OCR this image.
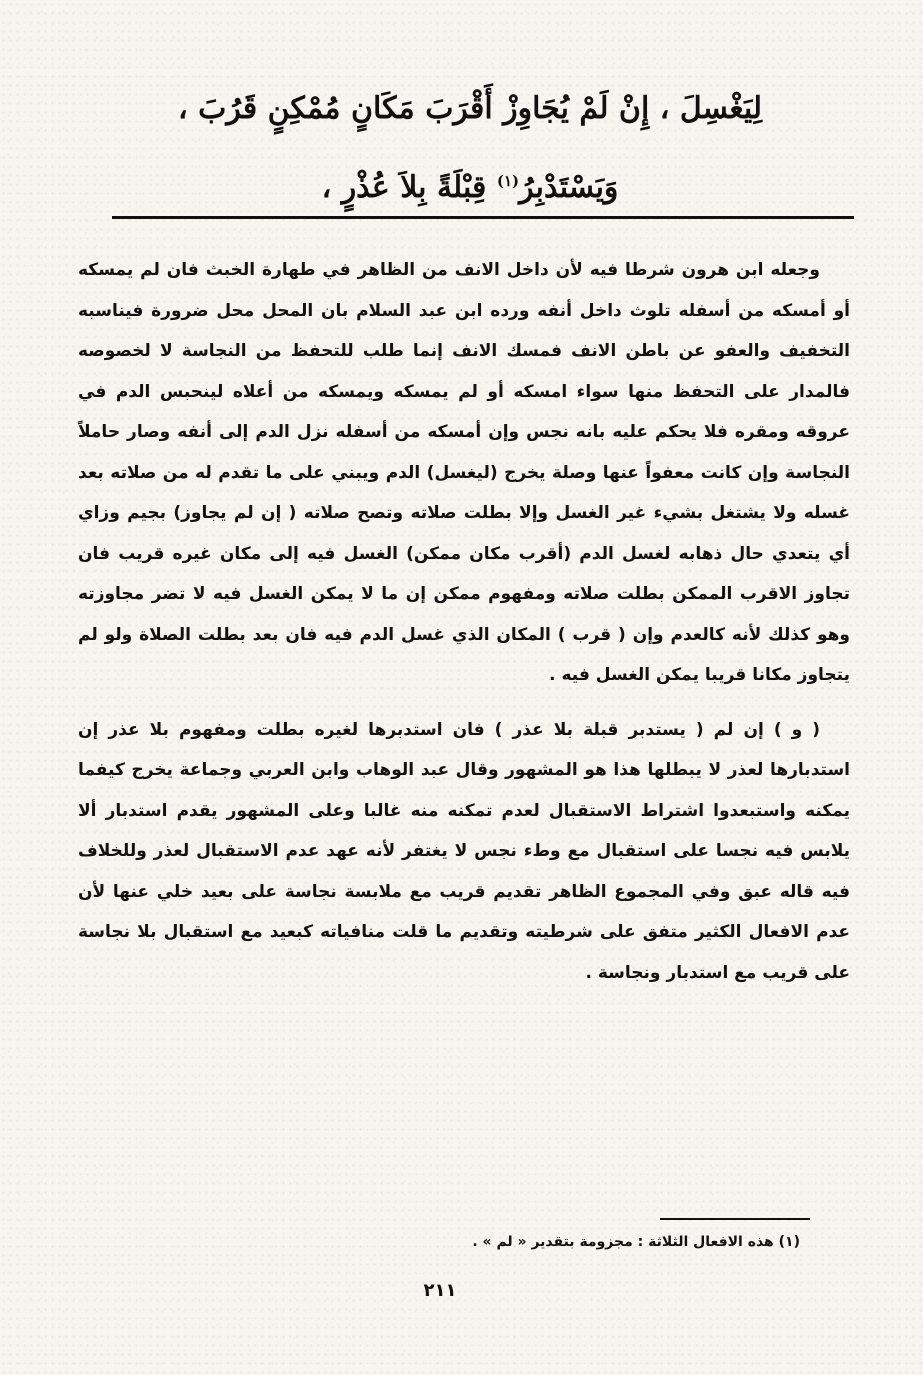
لِيَغْسِلَ ، إِنْ لَمْ يُجَاوِزْ أَقْرَبَ مَكَانٍ مُمْكِنٍ قَرُبَ ،
وَيَسْتَدْبِرُ$^{(١)}$ قِبْلَةً بِلاَ عُذْرٍ ،

وجعله ابن هرون شرطا فيه لأن داخل الانف من الظاهر في طهارة الخبث فان لم يمسكه أو أمسكه من أسفله تلوث داخل أنفه ورده ابن عبد السلام بان المحل محل ضرورة فيناسبه التخفيف والعفو عن باطن الانف فمسك الانف إنما طلب للتحفظ من النجاسة لا لخصوصه فالمدار على التحفظ منها سواء امسكه أو لم يمسكه ويمسكه من أعلاه لينحبس الدم في عروقه ومقره فلا يحكم عليه بانه نجس وإن أمسكه من أسفله نزل الدم إلى أنفه وصار حاملاً النجاسة وإن كانت معفواً عنها وصلة يخرج (ليغسل) الدم ويبني على ما تقدم له من صلاته بعد غسله ولا يشتغل بشيء غير الغسل وإلا بطلت صلاته وتصح صلاته ( إن لم يجاوز) بجيم وزاي أي يتعدي حال ذهابه لغسل الدم (أقرب مكان ممكن) الغسل فيه إلى مكان غيره قريب فان تجاوز الاقرب الممكن بطلت صلاته ومفهوم ممكن إن ما لا يمكن الغسل فيه لا تضر مجاوزته وهو كذلك لأنه كالعدم وإن ( قرب ) المكان الذي غسل الدم فيه فان بعد بطلت الصلاة ولو لم يتجاوز مكانا قريبا يمكن الغسل فيه .

( و ) إن لم ( يستدبر قبلة بلا عذر ) فان استدبرها لغيره بطلت ومفهوم بلا عذر إن استدبارها لعذر لا يبطلها هذا هو المشهور وقال عبد الوهاب وابن العربي وجماعة يخرج كيفما يمكنه واستبعدوا اشتراط الاستقبال لعدم تمكنه منه غالبا وعلى المشهور يقدم استدبار ألا يلابس فيه نجسا على استقبال مع وطء نجس لا يغتفر لأنه عهد عدم الاستقبال لعذر وللخلاف فيه قاله عبق وفي المجموع الظاهر تقديم قريب مع ملابسة نجاسة على بعيد خلي عنها لأن عدم الافعال الكثير متفق على شرطيته وتقديم ما قلت منافياته كبعيد مع استقبال بلا نجاسة على قريب مع استدبار ونجاسة .

(١) هذه الافعال الثلاثة : مجزومة بتقدير « لم » .
٢١١
